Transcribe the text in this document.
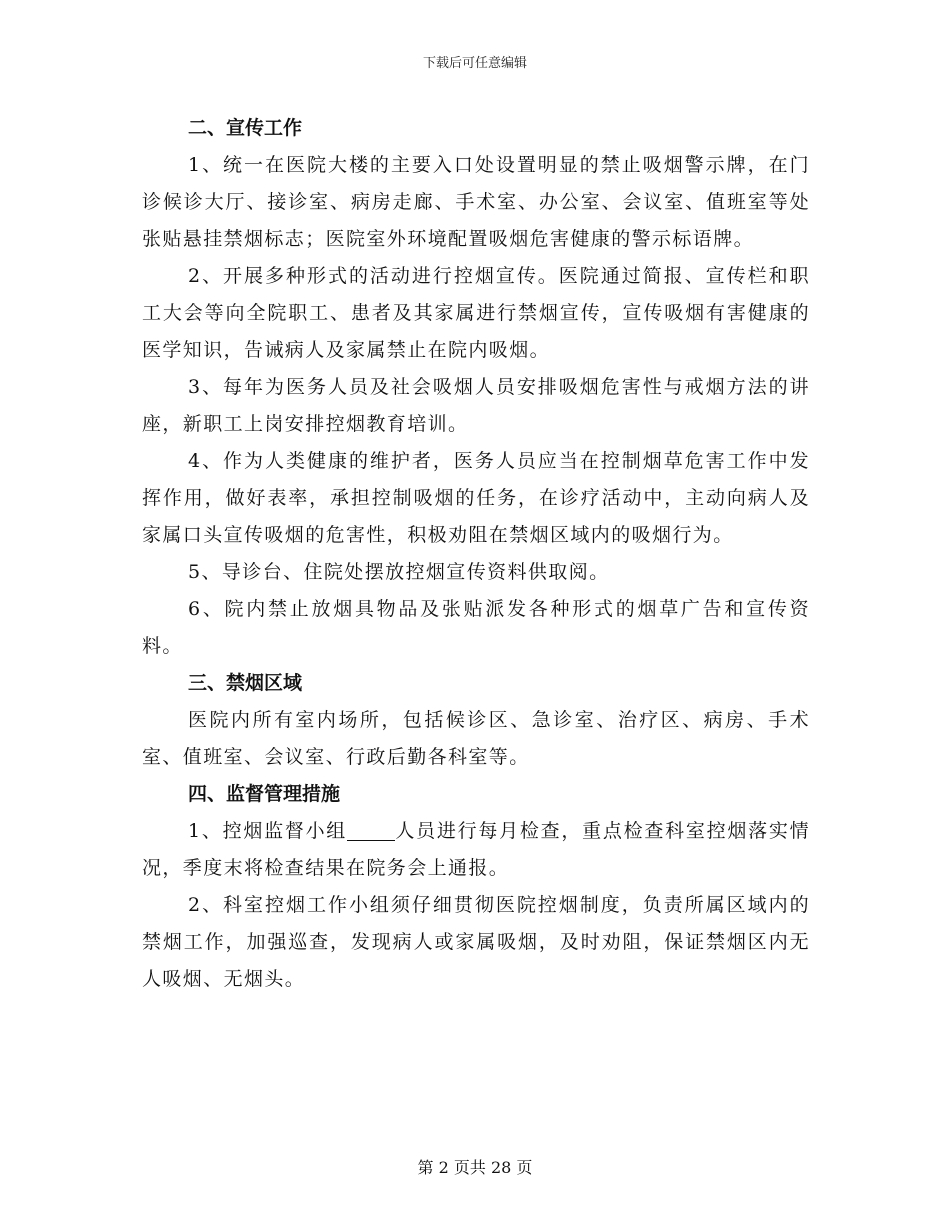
下载后可任意编辑
二、宣传工作

1、统一在医院大楼的主要入口处设置明显的禁止吸烟警示牌，在门诊候诊大厅、接诊室、病房走廊、手术室、办公室、会议室、值班室等处张贴悬挂禁烟标志；医院室外环境配置吸烟危害健康的警示标语牌。

2、开展多种形式的活动进行控烟宣传。医院通过简报、宣传栏和职工大会等向全院职工、患者及其家属进行禁烟宣传，宣传吸烟有害健康的医学知识，告诫病人及家属禁止在院内吸烟。

3、每年为医务人员及社会吸烟人员安排吸烟危害性与戒烟方法的讲座，新职工上岗安排控烟教育培训。

4、作为人类健康的维护者，医务人员应当在控制烟草危害工作中发挥作用，做好表率，承担控制吸烟的任务，在诊疗活动中，主动向病人及家属口头宣传吸烟的危害性，积极劝阻在禁烟区域内的吸烟行为。

5、导诊台、住院处摆放控烟宣传资料供取阅。

6、院内禁止放烟具物品及张贴派发各种形式的烟草广告和宣传资料。

三、禁烟区域

医院内所有室内场所，包括候诊区、急诊室、治疗区、病房、手术室、值班室、会议室、行政后勤各科室等。

四、监督管理措施

1、控烟监督小组	人员进行每月检查，重点检查科室控烟落实情况，季度末将检查结果在院务会上通报。

2、科室控烟工作小组须仔细贯彻医院控烟制度，负责所属区域内的禁烟工作，加强巡查，发现病人或家属吸烟，及时劝阻，保证禁烟区内无人吸烟、无烟头。

第 2 页共 28 页
